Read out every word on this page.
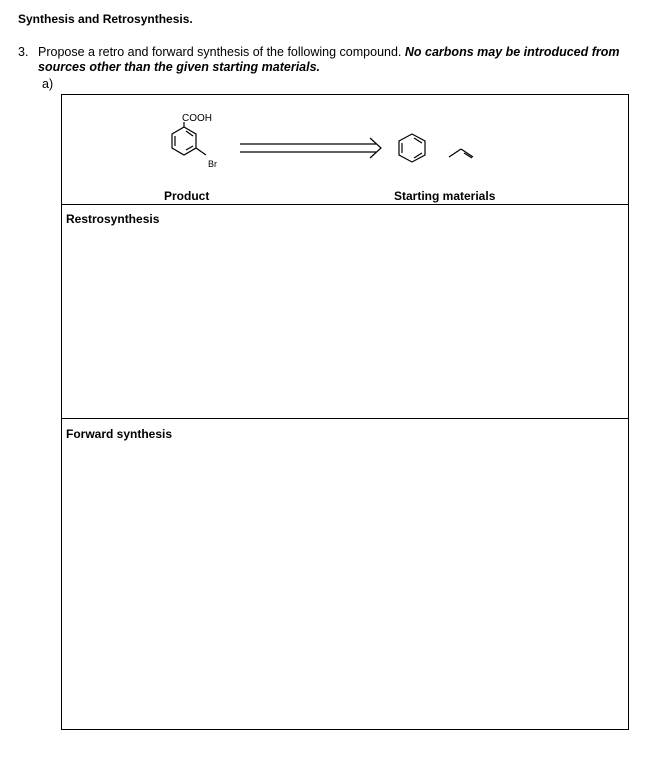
Synthesis and Retrosynthesis.
3. Propose a retro and forward synthesis of the following compound. No carbons may be introduced from sources other than the given starting materials.
a)
COOH
Br
Product	Starting materials
Restrosynthesis
Forward synthesis
